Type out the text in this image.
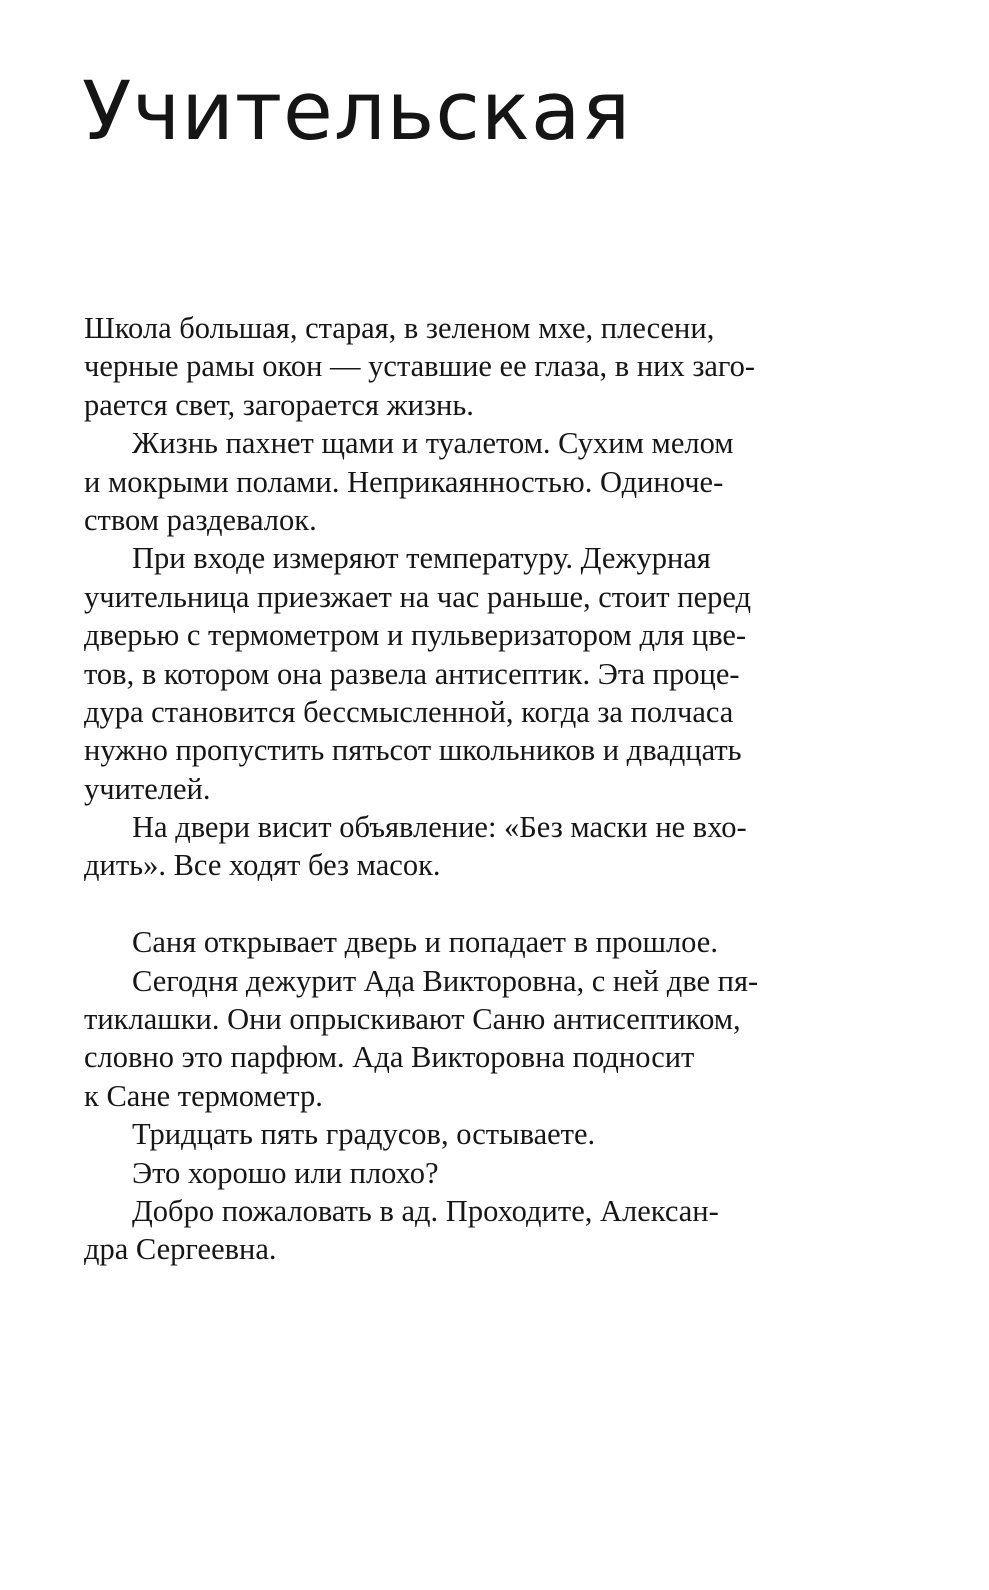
Учительская
Школа большая, старая, в зеленом мхе, плесени,
черные рамы окон — уставшие ее глаза, в них заго-
рается свет, загорается жизнь.
Жизнь пахнет щами и туалетом. Сухим мелом
и мокрыми полами. Неприкаянностью. Одиноче-
ством раздевалок.
При входе измеряют температуру. Дежурная
учительница приезжает на час раньше, стоит перед
дверью с термометром и пульверизатором для цве-
тов, в котором она развела антисептик. Эта проце-
дура становится бессмысленной, когда за полчаса
нужно пропустить пятьсот школьников и двадцать
учителей.
На двери висит объявление: «Без маски не вхо-
дить». Все ходят без масок.
Саня открывает дверь и попадает в прошлое.
Сегодня дежурит Ада Викторовна, с ней две пя-
тиклашки. Они опрыскивают Саню антисептиком,
словно это парфюм. Ада Викторовна подносит
к Сане термометр.
Тридцать пять градусов, остываете.
Это хорошо или плохо?
Добро пожаловать в ад. Проходите, Алексан-
дра Сергеевна.
